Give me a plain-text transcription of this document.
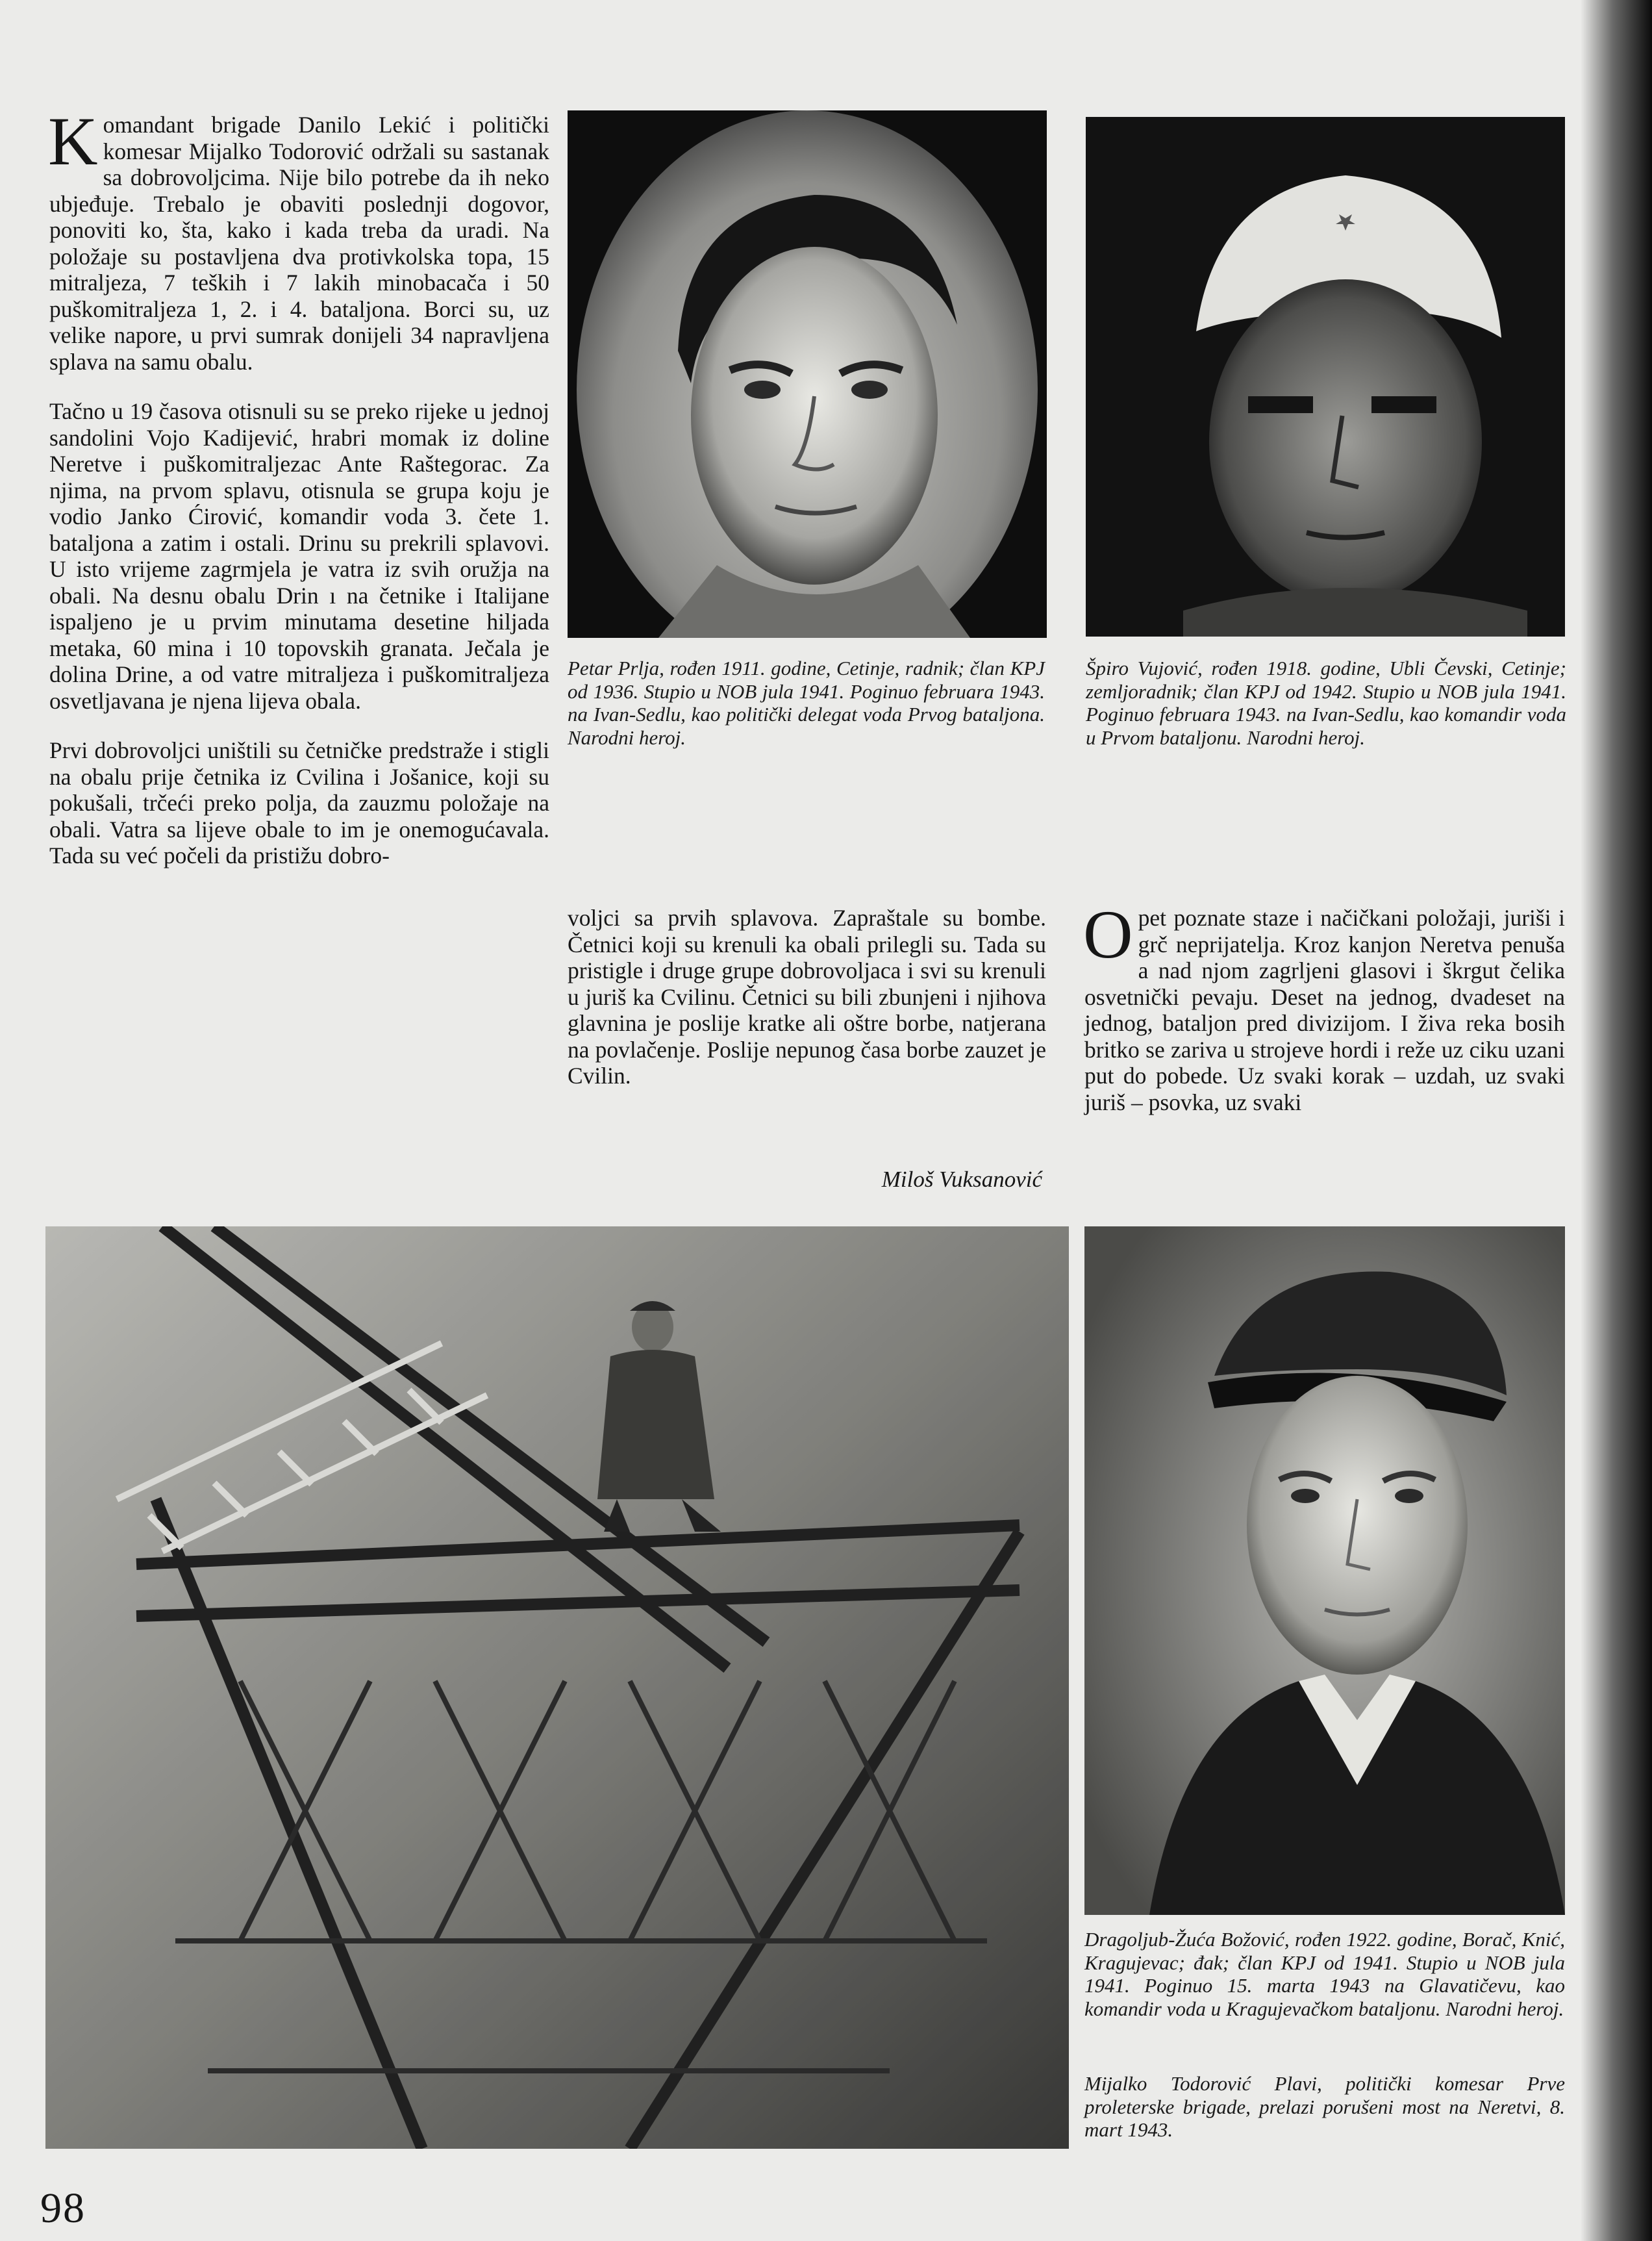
Komandant brigade Danilo Lekić i politički komesar Mijalko Todorović održali su sastanak sa dobrovoljcima. Nije bilo potrebe da ih neko ubjeđuje. Trebalo je obaviti poslednji dogovor, ponoviti ko, šta, kako i kada treba da uradi. Na položaje su postavljena dva protivkolska topa, 15 mitraljeza, 7 teških i 7 lakih minobacača i 50 puškomitraljeza 1, 2. i 4. bataljona. Borci su, uz velike napore, u prvi sumrak donijeli 34 napravljena splava na samu obalu.

Tačno u 19 časova otisnuli su se preko rijeke u jednoj sandolini Vojo Kadijević, hrabri momak iz doline Neretve i puškomitraljezac Ante Raštegorac. Za njima, na prvom splavu, otisnula se grupa koju je vodio Janko Ćirović, komandir voda 3. čete 1. bataljona a zatim i ostali. Drinu su prekrili splavovi. U isto vrijeme zagrmjela je vatra iz svih oružja na obali. Na desnu obalu Drin ı na četnike i Italijane ispaljeno je u prvim minutama desetine hiljada metaka, 60 mina i 10 topovskih granata. Ječala je dolina Drine, a od vatre mitraljeza i puškomitraljeza osvetljavana je njena lijeva obala.

Prvi dobrovoljci uništili su četničke predstraže i stigli na obalu prije četnika iz Cvilina i Jošanice, koji su pokušali, trčeći preko polja, da zauzmu položaje na obali. Vatra sa lijeve obale to im je onemogućavala. Tada su već počeli da pristižu dobro-

voljci sa prvih splavova. Zapraštale su bombe. Četnici koji su krenuli ka obali prilegli su. Tada su pristigle i druge grupe dobrovoljaca i svi su krenuli u juriš ka Cvilinu. Četnici su bili zbunjeni i njihova glavnina je poslije kratke ali oštre borbe, natjerana na povlačenje. Poslije nepunog časa borbe zauzet je Cvilin.

Miloš Vuksanović

Opet poznate staze i načičkani položaji, juriši i grč neprijatelja. Kroz kanjon Neretva penuša a nad njom zagrljeni glasovi i škrgut čelika osvetnički pevaju. Deset na jednog, dvadeset na jednog, bataljon pred divizijom. I živa reka bosih britko se zariva u strojeve hordi i reže uz ciku uzani put do pobede. Uz svaki korak – uzdah, uz svaki juriš – psovka, uz svaki

Petar Prlja, rođen 1911. godine, Cetinje, radnik; član KPJ od 1936. Stupio u NOB jula 1941. Poginuo februara 1943. na Ivan-Sedlu, kao politički delegat voda Prvog bataljona. Narodni heroj.
Špiro Vujović, rođen 1918. godine, Ubli Čevski, Cetinje; zemljoradnik; član KPJ od 1942. Stupio u NOB jula 1941. Poginuo februara 1943. na Ivan-Sedlu, kao komandir voda u Prvom bataljonu. Narodni heroj.
Dragoljub-Žuća Božović, rođen 1922. godine, Borač, Knić, Kragujevac; đak; član KPJ od 1941. Stupio u NOB jula 1941. Poginuo 15. marta 1943 na Glavatičevu, kao komandir voda u Kragujevačkom bataljonu. Narodni heroj.
Mijalko Todorović Plavi, politički komesar Prve proleterske brigade, prelazi porušeni most na Neretvi, 8. mart 1943.
98
